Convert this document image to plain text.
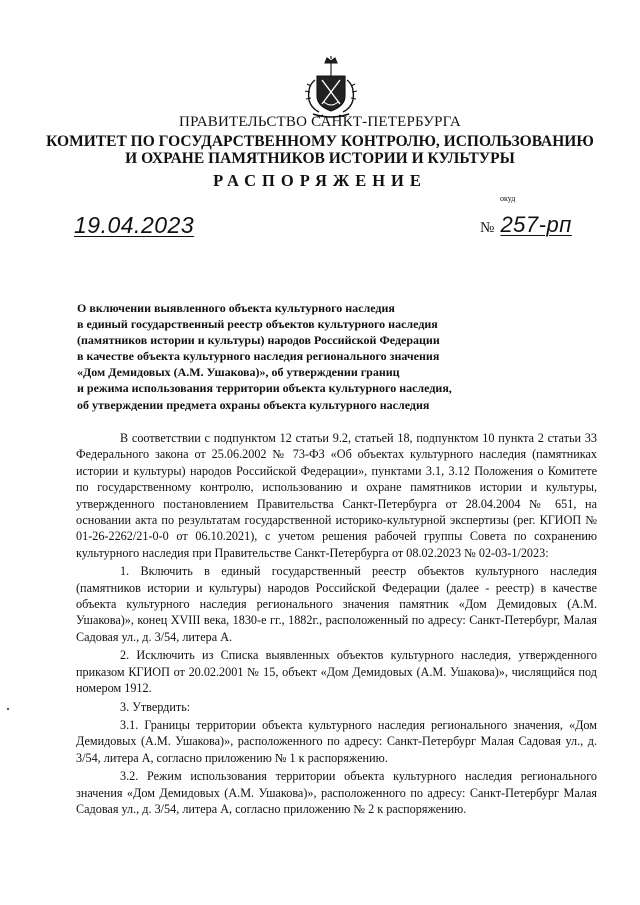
ПРАВИТЕЛЬСТВО САНКТ-ПЕТЕРБУРГА
КОМИТЕТ ПО ГОСУДАРСТВЕННОМУ КОНТРОЛЮ, ИСПОЛЬЗОВАНИЮ
И ОХРАНЕ ПАМЯТНИКОВ ИСТОРИИ И КУЛЬТУРЫ
РАСПОРЯЖЕНИЕ
окуд
19.04.2023	№ 257-рп
О включении выявленного объекта культурного наследия
в единый государственный реестр объектов культурного наследия
(памятников истории и культуры) народов Российской Федерации
в качестве объекта культурного наследия регионального значения
«Дом Демидовых (А.М. Ушакова)», об утверждении границ
и режима использования территории объекта культурного наследия,
об утверждении предмета охраны объекта культурного наследия

В соответствии с подпунктом 12 статьи 9.2, статьей 18, подпунктом 10 пункта 2 статьи 33 Федерального закона от 25.06.2002 № 73-ФЗ «Об объектах культурного наследия (памятниках истории и культуры) народов Российской Федерации», пунктами 3.1, 3.12 Положения о Комитете по государственному контролю, использованию и охране памятников истории и культуры, утвержденного постановлением Правительства Санкт-Петербурга от 28.04.2004 № 651, на основании акта по результатам государственной историко-культурной экспертизы (рег. КГИОП № 01-26-2262/21-0-0 от 06.10.2021), с учетом решения рабочей группы Совета по сохранению культурного наследия при Правительстве Санкт-Петербурга от 08.02.2023 № 02-03-1/2023:

1. Включить в единый государственный реестр объектов культурного наследия (памятников истории и культуры) народов Российской Федерации (далее - реестр) в качестве объекта культурного наследия регионального значения памятник «Дом Демидовых (А.М. Ушакова)», конец XVIII века, 1830-е гг., 1882г., расположенный по адресу: Санкт-Петербург, Малая Садовая ул., д. 3/54, литера А.

2. Исключить из Списка выявленных объектов культурного наследия, утвержденного приказом КГИОП от 20.02.2001 № 15, объект «Дом Демидовых (А.М. Ушакова)», числящийся под номером 1912.

3. Утвердить:

3.1. Границы территории объекта культурного наследия регионального значения, «Дом Демидовых (А.М. Ушакова)», расположенного по адресу: Санкт-Петербург Малая Садовая ул., д. 3/54, литера А, согласно приложению № 1 к распоряжению.

3.2. Режим использования территории объекта культурного наследия регионального значения «Дом Демидовых (А.М. Ушакова)», расположенного по адресу: Санкт-Петербург Малая Садовая ул., д. 3/54, литера А, согласно приложению № 2 к распоряжению.
